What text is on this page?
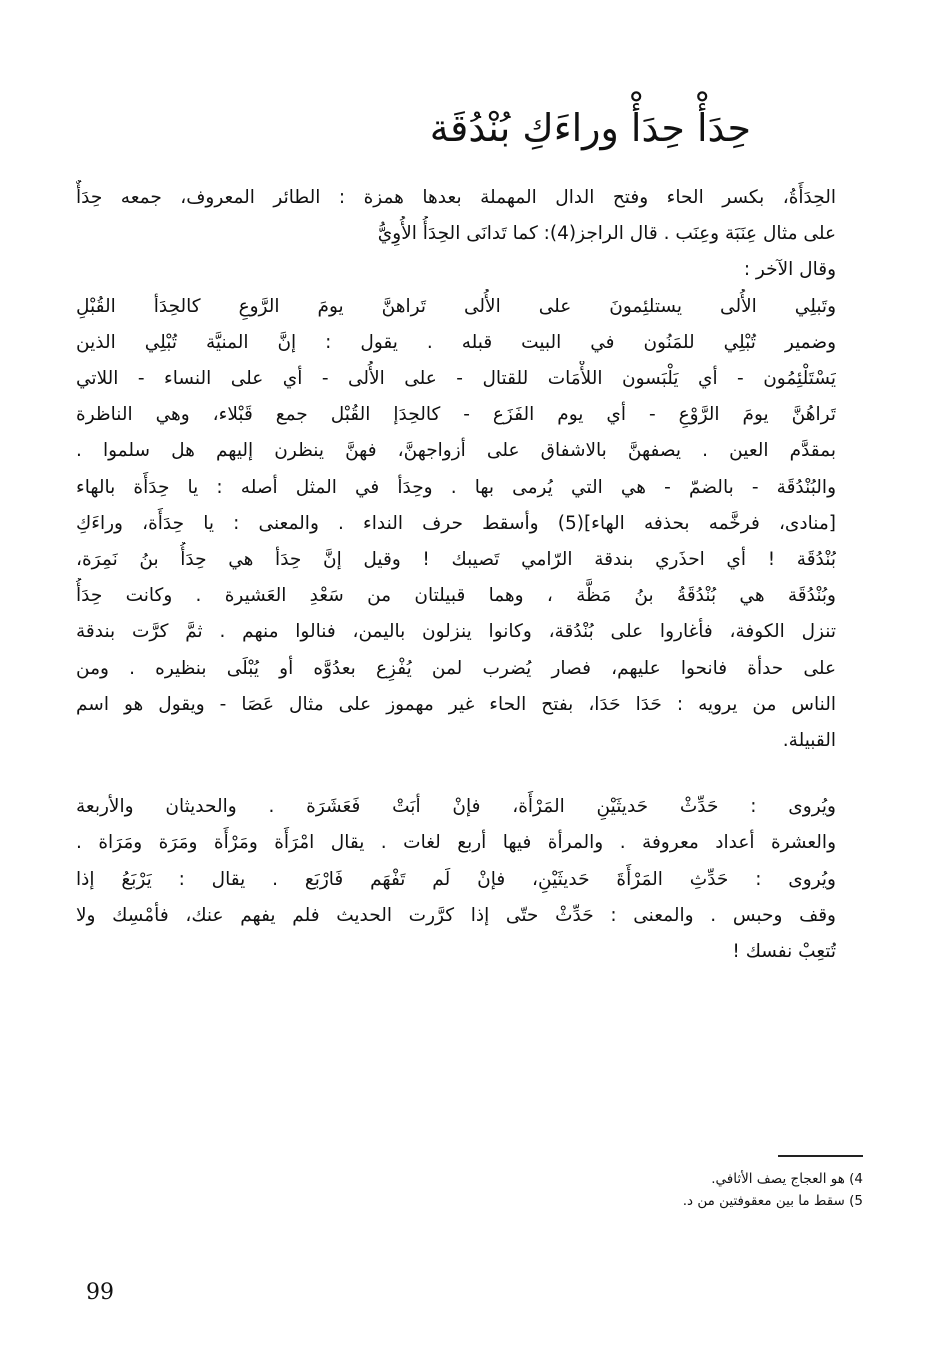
حِدَأْ حِدَأْ وراءَكِ بُنْدُقَة

الحِدَأَةُ، بكسر الحاء وفتح الدال المهملة بعدها همزة : الطائر المعروف، جمعه حِدَأٌ
على مثال عِنَبَة وعِنَب . قال الراجز(4): كما تَدانَى الحِدَأُ الأُوِيُّ
وقال الآخر :
وتَبلِي الأُلى يستلئِمونَ على الأُلى تَراهنَّ يومَ الرَّوعِ كالحِدَأ القُبْلِ
وضمير تُبْلِي للمَنُون في البيت قبله . يقول : إنَّ المنيَّة تُبْلِي الذين
يَسْتَلْئِمُون - أي يَلْبَسون اللأْمَات للقتال - على الأُلى - أي على النساء - اللاتي
تَراهُنَّ يومَ الرَّوْعِ - أي يوم الفَزَع - كالحِدَإ القُبْل جمع قَبْلاء، وهي الناظرة
بمقدَّم العين . يصفهنَّ بالاشفاق على أزواجهنَّ، فهنَّ ينظرن إليهم هل سلموا .
والبُنْدُقَة - بالضمّ - هي التي يُرمى بها . وحِدَأ في المثل أصله : يا حِدَأَة بالهاء
[منادى، فرخَّمه بحذفه الهاء](5) وأسقط حرف النداء . والمعنى : يا حِدَأَة، وراءَكِ
بُنْدُقَة ! أي احذَري بندقة الرّامي تَصيبك ! وقيل إنَّ حِدَأ هي حِدَأُ بنُ نَمِرَة،
وبُنْدُقَة هي بُنْدُقَةُ بنُ مَظَّة ، وهما قبيلتان من سَعْدِ العَشيرة . وكانت حِدَأُ
تنزل الكوفة، فأغاروا على بُنْدُقة، وكانوا ينزلون باليمن، فنالوا منهم . ثمَّ كرَّت بندقة
على حدأة فانحوا عليهم، فصار يُضرب لمن يُفْزِع بعدُوَّه أو يُبْلَى بنظيره . ومن
الناس من يرويه : حَدَا حَدَا، بفتح الحاء غير مهموز على مثال عَصَا - ويقول هو اسم
القبيلة.

ويُروى : حَدِّثْ حَديثَيْنِ المَرْأَة، فإنْ أبَتْ فَعَشَرَة . والحديثان والأربعة
والعشرة أعداد معروفة . والمرأة فيها أربع لغات . يقال امْرَأَة ومَرْأَة ومَرَة ومَرَاة .
ويُروى : حَدِّثِ المَرْأَةَ حَديثَيْنِ، فإنْ لَم تَفْهَم فَارْبَع . يقال : يَرْبَعُ إذا
وقف وحبس . والمعنى : حَدِّثْ حتّى إذا كرَّرت الحديث فلم يفهم عنك، فأمْسِك ولا
تُتعِبْ نفسك !

4) هو العجاج يصف الأثافي.
5) سقط ما بين معقوفتين من د.
99
